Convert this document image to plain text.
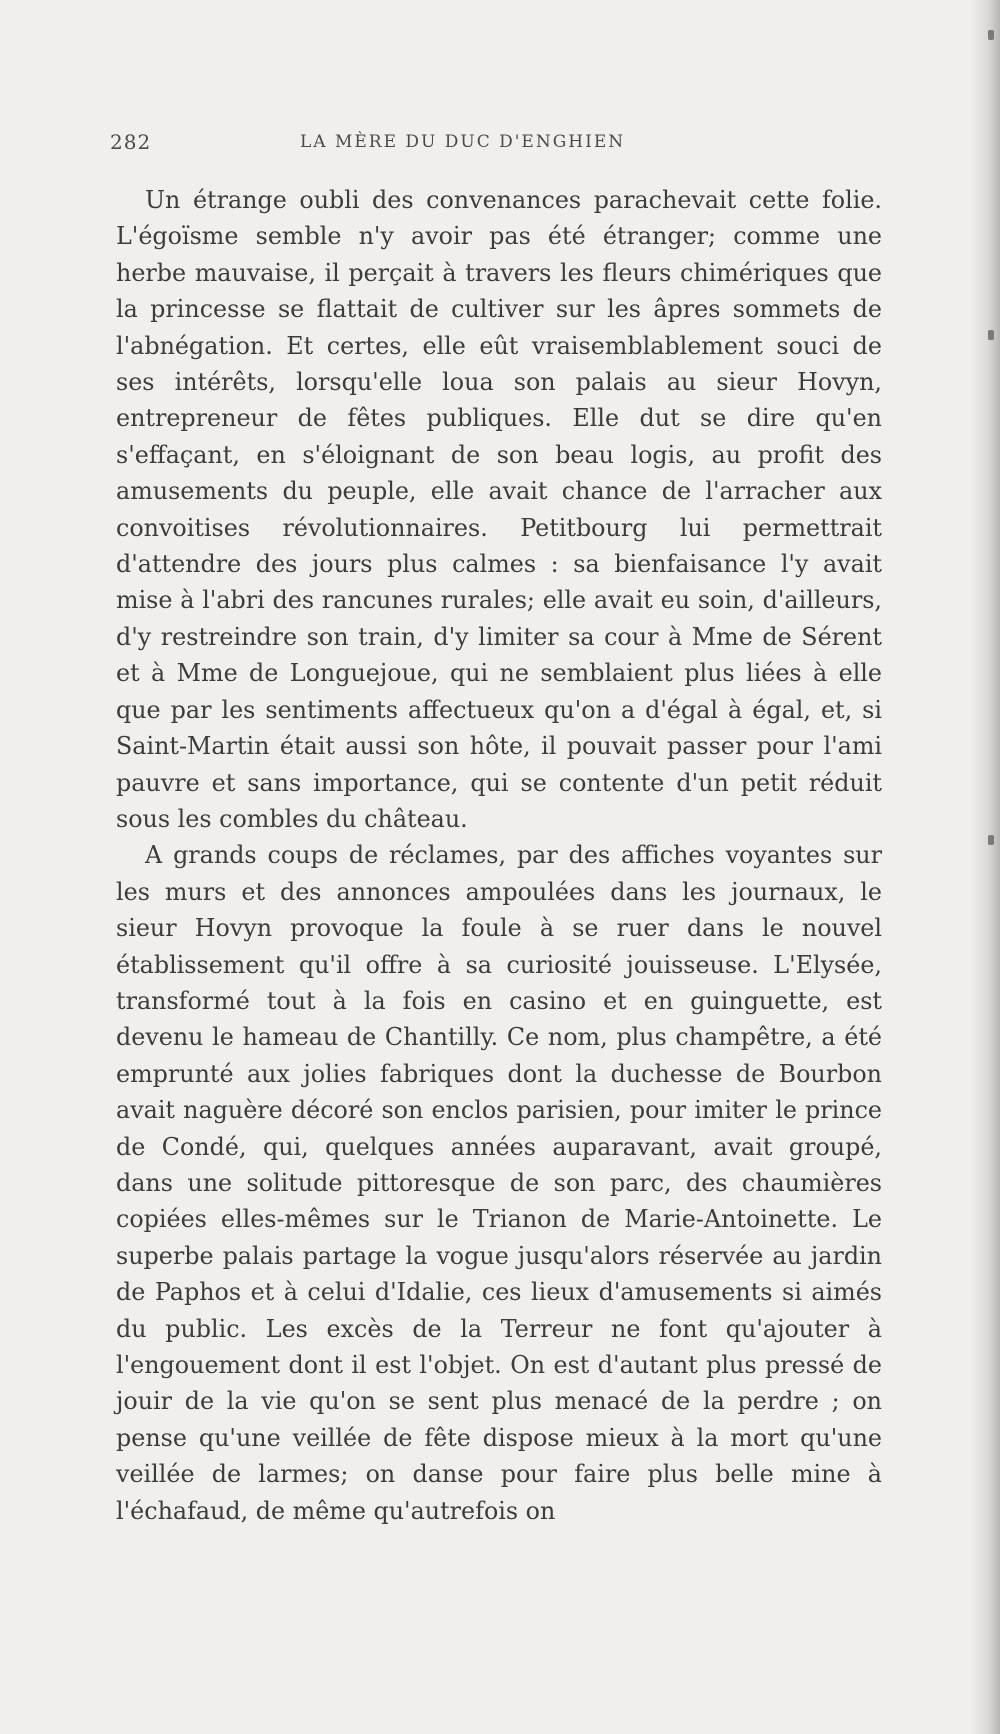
282	LA MÈRE DU DUC D'ENGHIEN

Un étrange oubli des convenances parachevait cette folie. L'égoïsme semble n'y avoir pas été étranger; comme une herbe mauvaise, il perçait à travers les fleurs chimériques que la princesse se flattait de cultiver sur les âpres sommets de l'abnégation. Et certes, elle eût vraisemblablement souci de ses intérêts, lorsqu'elle loua son palais au sieur Hovyn, entrepreneur de fêtes publiques. Elle dut se dire qu'en s'effaçant, en s'éloignant de son beau logis, au profit des amusements du peuple, elle avait chance de l'arracher aux convoitises révolutionnaires. Petitbourg lui permettrait d'attendre des jours plus calmes : sa bienfaisance l'y avait mise à l'abri des rancunes rurales; elle avait eu soin, d'ailleurs, d'y restreindre son train, d'y limiter sa cour à Mme de Sérent et à Mme de Longuejoue, qui ne semblaient plus liées à elle que par les sentiments affectueux qu'on a d'égal à égal, et, si Saint-Martin était aussi son hôte, il pouvait passer pour l'ami pauvre et sans importance, qui se contente d'un petit réduit sous les combles du château.

A grands coups de réclames, par des affiches voyantes sur les murs et des annonces ampoulées dans les journaux, le sieur Hovyn provoque la foule à se ruer dans le nouvel établissement qu'il offre à sa curiosité jouisseuse. L'Elysée, transformé tout à la fois en casino et en guinguette, est devenu le hameau de Chantilly. Ce nom, plus champêtre, a été emprunté aux jolies fabriques dont la duchesse de Bourbon avait naguère décoré son enclos parisien, pour imiter le prince de Condé, qui, quelques années auparavant, avait groupé, dans une solitude pittoresque de son parc, des chaumières copiées elles-mêmes sur le Trianon de Marie-Antoinette. Le superbe palais partage la vogue jusqu'alors réservée au jardin de Paphos et à celui d'Idalie, ces lieux d'amusements si aimés du public. Les excès de la Terreur ne font qu'ajouter à l'engouement dont il est l'objet. On est d'autant plus pressé de jouir de la vie qu'on se sent plus menacé de la perdre ; on pense qu'une veillée de fête dispose mieux à la mort qu'une veillée de larmes; on danse pour faire plus belle mine à l'échafaud, de même qu'autrefois on
